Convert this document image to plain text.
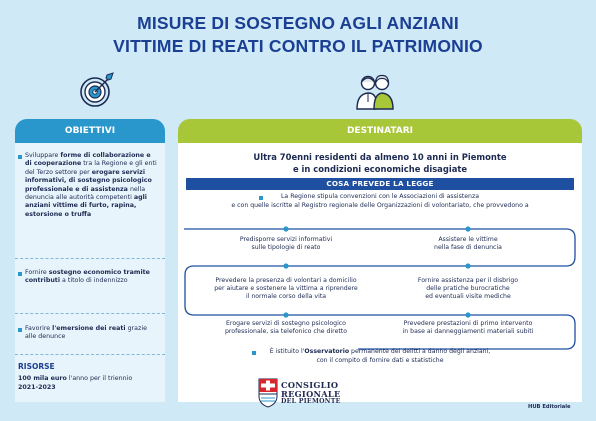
MISURE DI SOSTEGNO AGLI ANZIANI
VITTIME DI REATI CONTRO IL PATRIMONIO
OBIETTIVI
Sviluppare forme di collaborazione e di cooperazione tra la Regione e gli enti del Terzo settore per erogare servizi informativi, di sostegno psicologico professionale e di assistenza nella denuncia alle autorità competenti agli anziani vittime di furto, rapina, estorsione o truffa
Fornire sostegno economico tramite contributi a titolo di indennizzo
Favorire l'emersione dei reati grazie alle denunce
RISORSE
100 mila euro l'anno per il triennio
2021-2023
DESTINATARI
Ultra 70enni residenti da almeno 10 anni in Piemonte
e in condizioni economiche disagiate
COSA PREVEDE LA LEGGE
La Regione stipula convenzioni con le Associazioni di assistenza
e con quelle iscritte al Registro regionale delle Organizzazioni di volontariato, che provvedono a
Predisporre servizi informativi
sulle tipologie di reato
Assistere le vittime
nella fase di denuncia
Prevedere la presenza di volontari a domicilio
per aiutare e sostenere la vittima a riprendere
il normale corso della vita
Fornire assistenza per il disbrigo
delle pratiche burocratiche
ed eventuali visite mediche
Erogare servizi di sostegno psicologico
professionale, sia telefonico che diretto
Prevedere prestazioni di primo intervento
in base ai danneggiamenti materiali subiti
È istituito l'Osservatorio permanente dei delitti a danno degli anziani,
con il compito di fornire dati e statistiche
CONSIGLIO
REGIONALE
DEL PIEMONTE
HUB Editoriale
